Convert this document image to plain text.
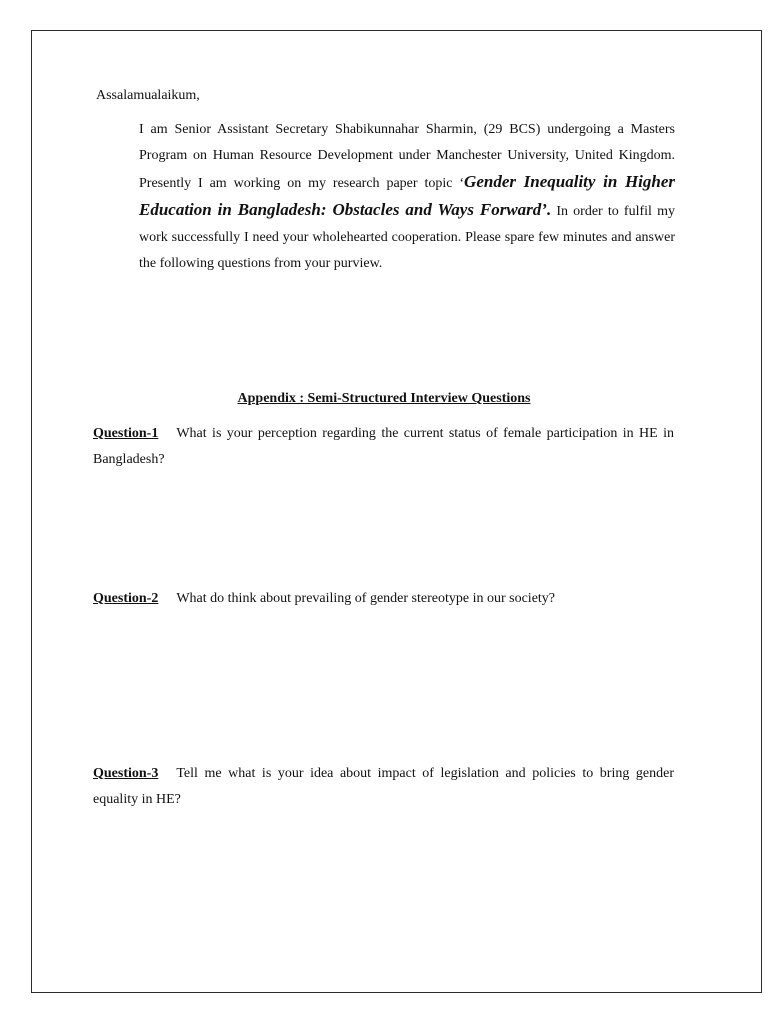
Assalamualaikum,
I am Senior Assistant Secretary Shabikunnahar Sharmin, (29 BCS) undergoing a Masters Program on Human Resource Development under Manchester University, United Kingdom. Presently I am working on my research paper topic ‘Gender Inequality in Higher Education in Bangladesh: Obstacles and Ways Forward’. In order to fulfil my work successfully I need your wholehearted cooperation. Please spare few minutes and answer the following questions from your purview.
Appendix : Semi-Structured Interview Questions
Question-1 What is your perception regarding the current status of female participation in HE in Bangladesh?
Question-2 What do think about prevailing of gender stereotype in our society?
Question-3 Tell me what is your idea about impact of legislation and policies to bring gender equality in HE?
